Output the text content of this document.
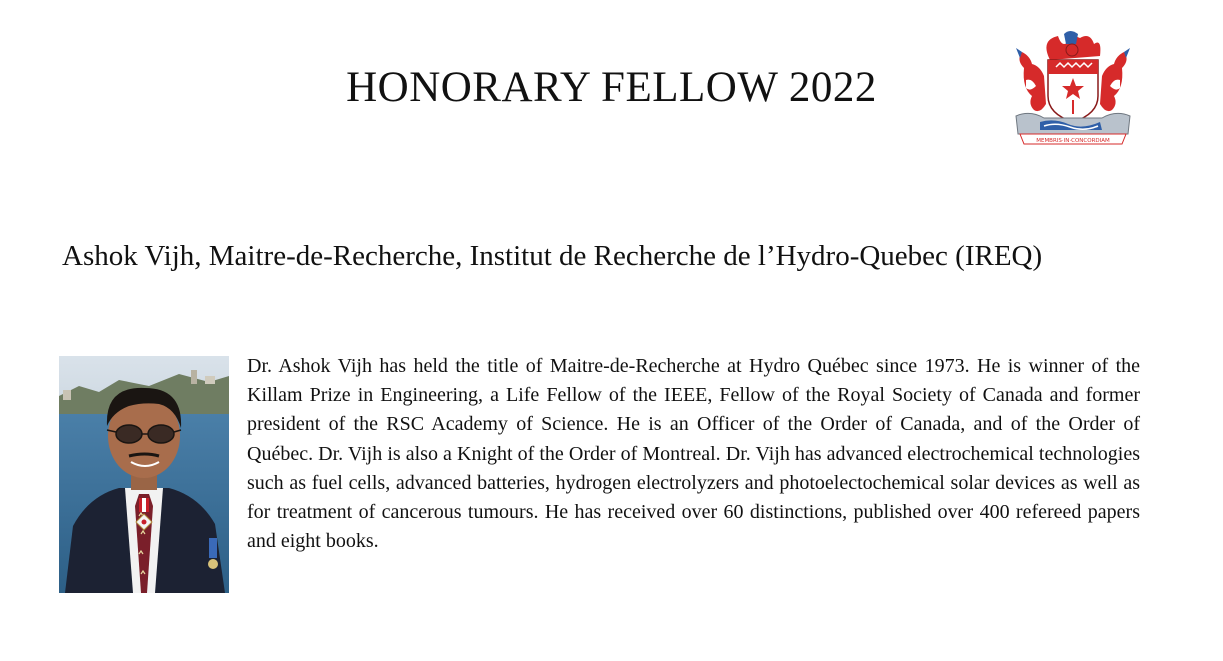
HONORARY FELLOW 2022
MEMBRIS·IN·CONCORDIAM
Ashok Vijh, Maitre-de-Recherche, Institut de Recherche de l’Hydro-Quebec (IREQ)

Dr. Ashok Vijh has held the title of Maitre-de-Recherche at Hydro Québec since 1973. He is winner of the Killam Prize in Engineering, a Life Fellow of the IEEE, Fellow of the Royal Society of Canada and former president of the RSC Academy of Science. He is an Officer of the Order of Canada, and of the Order of Québec. Dr. Vijh is also a Knight of the Order of Montreal. Dr. Vijh has advanced electrochemical technologies such as fuel cells, advanced batteries, hydrogen electrolyzers and photoelectochemical solar devices as well as for treatment of cancerous tumours. He has received over 60 distinctions, published over 400 refereed papers and eight books.
